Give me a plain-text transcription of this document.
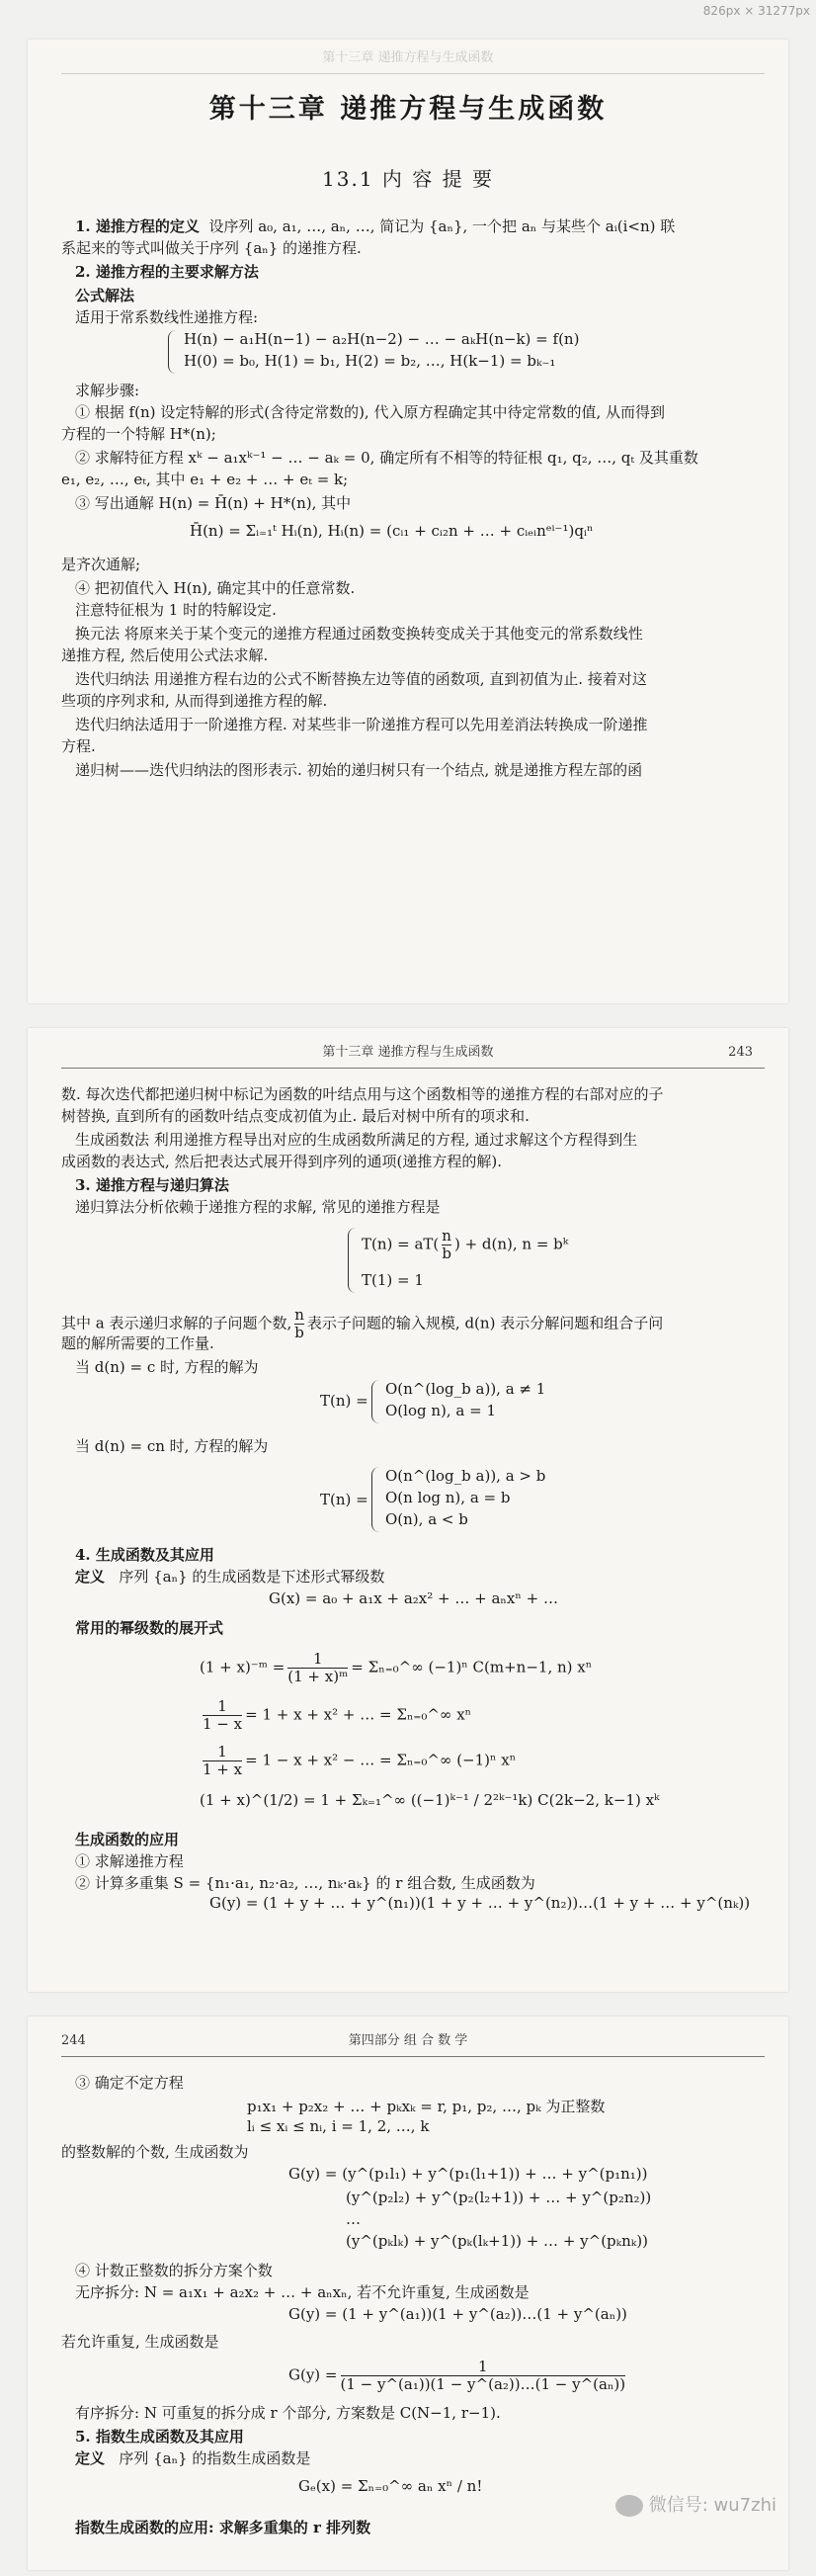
826px × 31277px
第十三章 递推方程与生成函数
第十三章 递推方程与生成函数
13.1 内 容 提 要
1. 递推方程的定义 设序列 a₀, a₁, …, aₙ, …, 简记为 {aₙ}, 一个把 aₙ 与某些个 aᵢ(i<n) 联
系起来的等式叫做关于序列 {aₙ} 的递推方程.
2. 递推方程的主要求解方法
公式解法
适用于常系数线性递推方程:
H(n) − a₁H(n−1) − a₂H(n−2) − … − aₖH(n−k) = f(n)
H(0) = b₀, H(1) = b₁, H(2) = b₂, …, H(k−1) = bₖ₋₁
求解步骤:
① 根据 f(n) 设定特解的形式(含待定常数的), 代入原方程确定其中待定常数的值, 从而得到
方程的一个特解 H*(n);
② 求解特征方程 xᵏ − a₁xᵏ⁻¹ − … − aₖ = 0, 确定所有不相等的特征根 q₁, q₂, …, qₜ 及其重数
e₁, e₂, …, eₜ, 其中 e₁ + e₂ + … + eₜ = k;
③ 写出通解 H(n) = H̄(n) + H*(n), 其中
H̄(n) = Σᵢ₌₁ᵗ Hᵢ(n), Hᵢ(n) = (cᵢ₁ + cᵢ₂n + … + cᵢₑᵢnᵉⁱ⁻¹)qᵢⁿ
是齐次通解;
④ 把初值代入 H(n), 确定其中的任意常数.
注意特征根为 1 时的特解设定.
换元法 将原来关于某个变元的递推方程通过函数变换转变成关于其他变元的常系数线性
递推方程, 然后使用公式法求解.
迭代归纳法 用递推方程右边的公式不断替换左边等值的函数项, 直到初值为止. 接着对这
些项的序列求和, 从而得到递推方程的解.
迭代归纳法适用于一阶递推方程. 对某些非一阶递推方程可以先用差消法转换成一阶递推
方程.
递归树——迭代归纳法的图形表示. 初始的递归树只有一个结点, 就是递推方程左部的函
第十三章 递推方程与生成函数	243
数. 每次迭代都把递归树中标记为函数的叶结点用与这个函数相等的递推方程的右部对应的子
树替换, 直到所有的函数叶结点变成初值为止. 最后对树中所有的项求和.
生成函数法 利用递推方程导出对应的生成函数所满足的方程, 通过求解这个方程得到生
成函数的表达式, 然后把表达式展开得到序列的通项(递推方程的解).
3. 递推方程与递归算法
递归算法分析依赖于递推方程的求解, 常见的递推方程是
$T(n) = aT( \frac{n}{b}$ ) + d(n), n = bᵏ
T(1) = 1
其中 a 表示递归求解的子问题个数, $\frac{n}{b}$ 表示子问题的输入规模, d(n) 表示分解问题和组合子问
题的解所需要的工作量.
当 d(n) = c 时, 方程的解为
T(n) =
O(n^(log_b a)), a ≠ 1
O(log n), a = 1
当 d(n) = cn 时, 方程的解为
T(n) =
O(n^(log_b a)), a > b
O(n log n), a = b
O(n), a < b
4. 生成函数及其应用
定义 序列 {aₙ} 的生成函数是下述形式幂级数
G(x) = a₀ + a₁x + a₂x² + … + aₙxⁿ + …
常用的幂级数的展开式
(1 + x)⁻ᵐ = $\frac{1}{\text{(1 + x)ᵐ}}$ = Σₙ₌₀^∞ (−1)ⁿ C(m+n−1, n) xⁿ
$\frac{1}{1 - x} = 1 + x + x^2$ + … = Σₙ₌₀^∞ xⁿ
$\frac{1}{1 + x} = 1 - x + x^2$ − … = Σₙ₌₀^∞ (−1)ⁿ xⁿ
(1 + x)^(1/2) = 1 + Σₖ₌₁^∞ ((−1)ᵏ⁻¹ / 2²ᵏ⁻¹k) C(2k−2, k−1) xᵏ
生成函数的应用
① 求解递推方程
② 计算多重集 S = {n₁·a₁, n₂·a₂, …, nₖ·aₖ} 的 r 组合数, 生成函数为
G(y) = (1 + y + … + y^(n₁))(1 + y + … + y^(n₂))…(1 + y + … + y^(nₖ))
244	第四部分 组 合 数 学
③ 确定不定方程
p₁x₁ + p₂x₂ + … + pₖxₖ = r, p₁, p₂, …, pₖ 为正整数
lᵢ ≤ xᵢ ≤ nᵢ, i = 1, 2, …, k
的整数解的个数, 生成函数为
G(y) = (y^(p₁l₁) + y^(p₁(l₁+1)) + … + y^(p₁n₁))
(y^(p₂l₂) + y^(p₂(l₂+1)) + … + y^(p₂n₂))
…
(y^(pₖlₖ) + y^(pₖ(lₖ+1)) + … + y^(pₖnₖ))
④ 计数正整数的拆分方案个数
无序拆分: N = a₁x₁ + a₂x₂ + … + aₙxₙ, 若不允许重复, 生成函数是
G(y) = (1 + y^(a₁))(1 + y^(a₂))…(1 + y^(aₙ))
若允许重复, 生成函数是
$G(y) = \frac{1}{\text{(1 − y\textasciicircum{}(a₁))(1 − y\textasciicircum{}(a₂))…(1 − y\textasciicircum{}(aₙ))}}$
有序拆分: N 可重复的拆分成 r 个部分, 方案数是 C(N−1, r−1).
5. 指数生成函数及其应用
定义 序列 {aₙ} 的指数生成函数是
Gₑ(x) = Σₙ₌₀^∞ aₙ xⁿ / n!
指数生成函数的应用: 求解多重集的 r 排列数
微信号: wu7zhi
